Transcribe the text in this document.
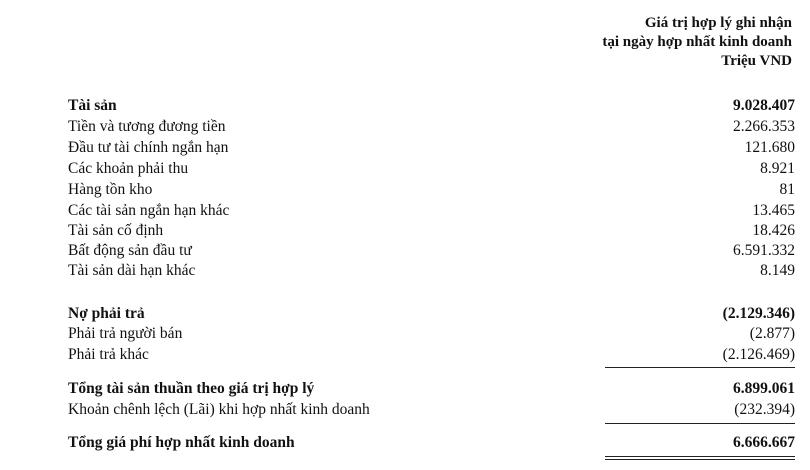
Giá trị hợp lý ghi nhận
tại ngày hợp nhất kinh doanh
Triệu VND
Tài sản	9.028.407
Tiền và tương đương tiền	2.266.353
Đầu tư tài chính ngắn hạn	121.680
Các khoản phải thu	8.921
Hàng tồn kho	81
Các tài sản ngắn hạn khác	13.465
Tài sản cố định	18.426
Bất động sản đầu tư	6.591.332
Tài sản dài hạn khác	8.149
Nợ phải trả	(2.129.346)
Phải trả người bán	(2.877)
Phải trả khác	(2.126.469)
Tổng tài sản thuần theo giá trị hợp lý	6.899.061
Khoản chênh lệch (Lãi) khi hợp nhất kinh doanh	(232.394)
Tổng giá phí hợp nhất kinh doanh	6.666.667
